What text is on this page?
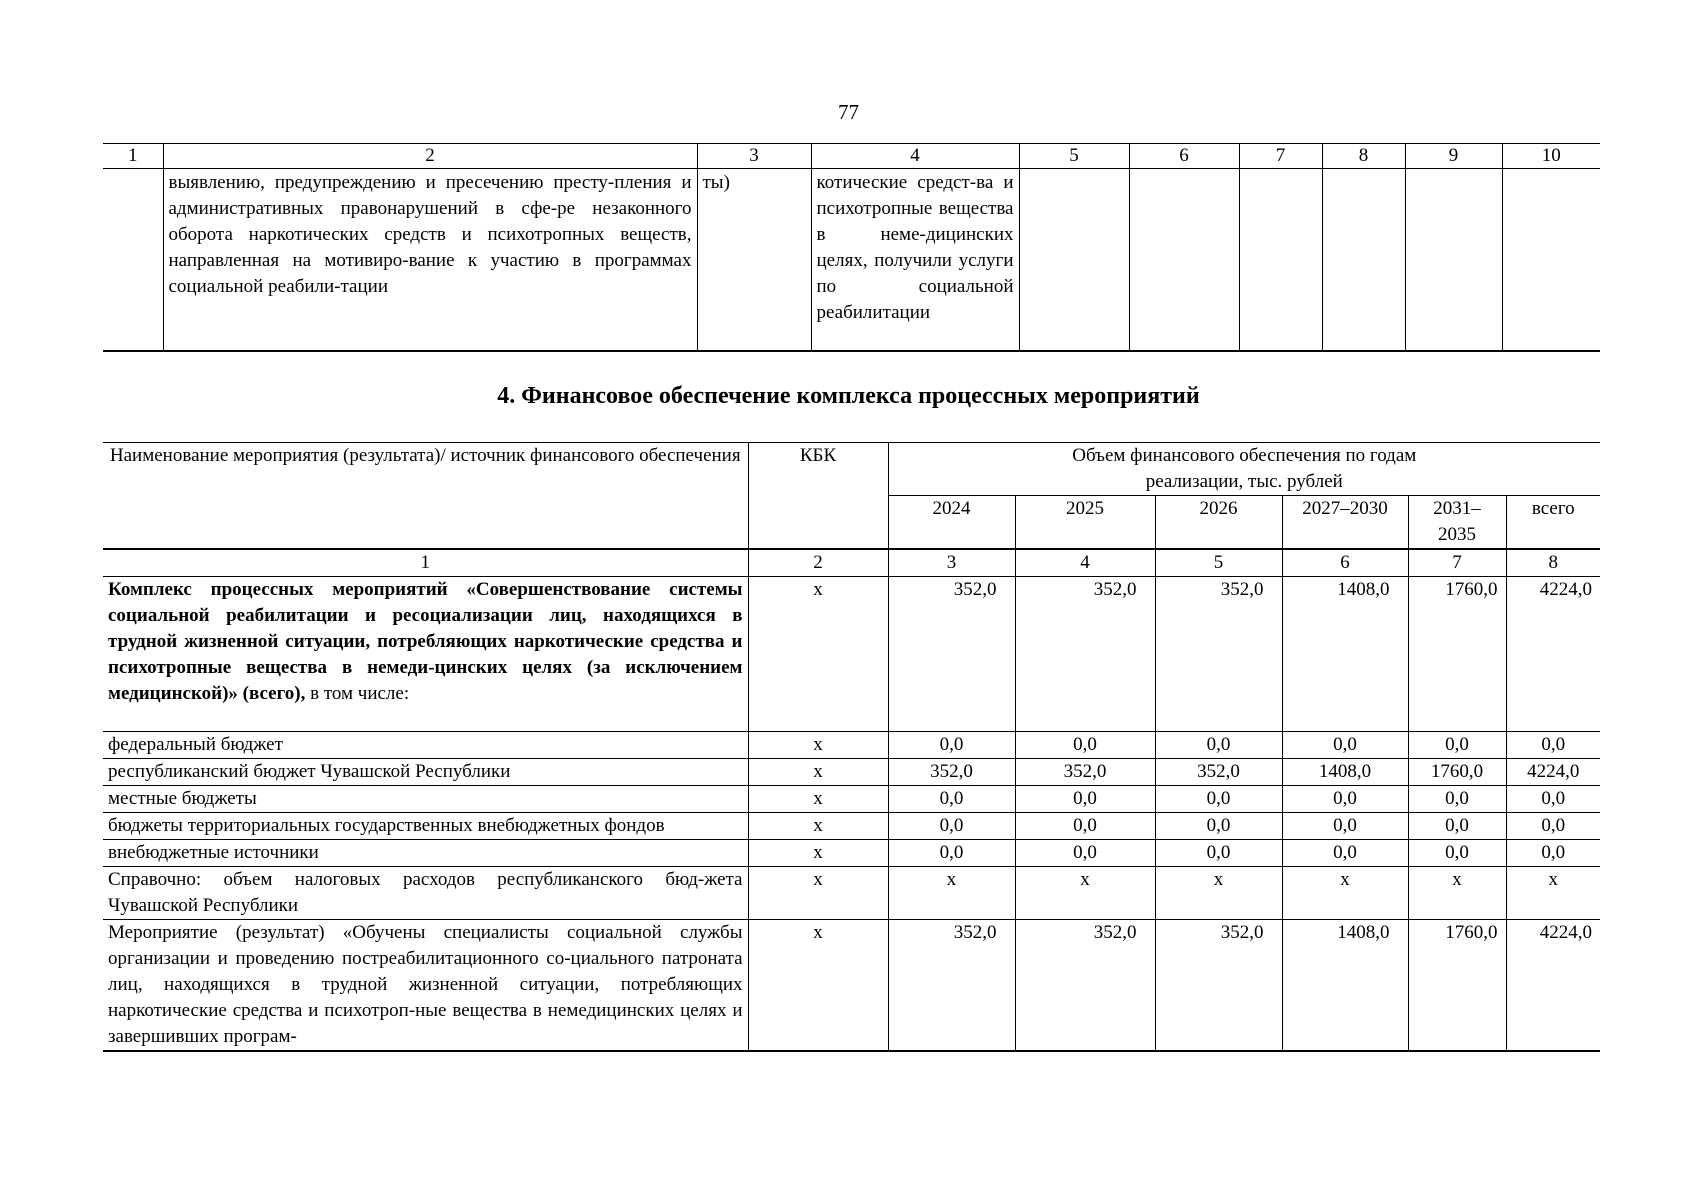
77
1	2	3	4	5	6	7	8	9	10
	выявлению, предупреждению и пресечению престу-пления и административных правонарушений в сфе-ре незаконного оборота наркотических средств и психотропных веществ, направленная на мотивиро-вание к участию в программах социальной реабили-тации	ты)	котические средст-ва и психотропные вещества в неме-дицинских целях, получили услуги по социальной реабилитации						
4. Финансовое обеспечение комплекса процессных мероприятий
Наименование мероприятия (результата)/ источник финансового обеспечения	КБК	Объем финансового обеспечения по годам реализации, тыс. рублей					
		2024	2025	2026	2027–2030	2031–2035	всего
1	2	3	4	5	6	7	8
Комплекс процессных мероприятий «Совершенствование системы социальной реабилитации и ресоциализации лиц, находящихся в трудной жизненной ситуации, потребляющих наркотические средства и психотропные вещества в немеди-цинских целях (за исключением медицинской)» (всего), в том числе:	х	352,0	352,0	352,0	1408,0	1760,0	4224,0
федеральный бюджет	х	0,0	0,0	0,0	0,0	0,0	0,0
республиканский бюджет Чувашской Республики	х	352,0	352,0	352,0	1408,0	1760,0	4224,0
местные бюджеты	х	0,0	0,0	0,0	0,0	0,0	0,0
бюджеты территориальных государственных внебюджетных фондов	х	0,0	0,0	0,0	0,0	0,0	0,0
внебюджетные источники	х	0,0	0,0	0,0	0,0	0,0	0,0
Справочно: объем налоговых расходов республиканского бюд-жета Чувашской Республики	х	х	х	х	х	х	х
Мероприятие (результат) «Обучены специалисты социальной службы организации и проведению постреабилитационного со-циального патроната лиц, находящихся в трудной жизненной ситуации, потребляющих наркотические средства и психотроп-ные вещества в немедицинских целях и завершивших програм-	х	352,0	352,0	352,0	1408,0	1760,0	4224,0
